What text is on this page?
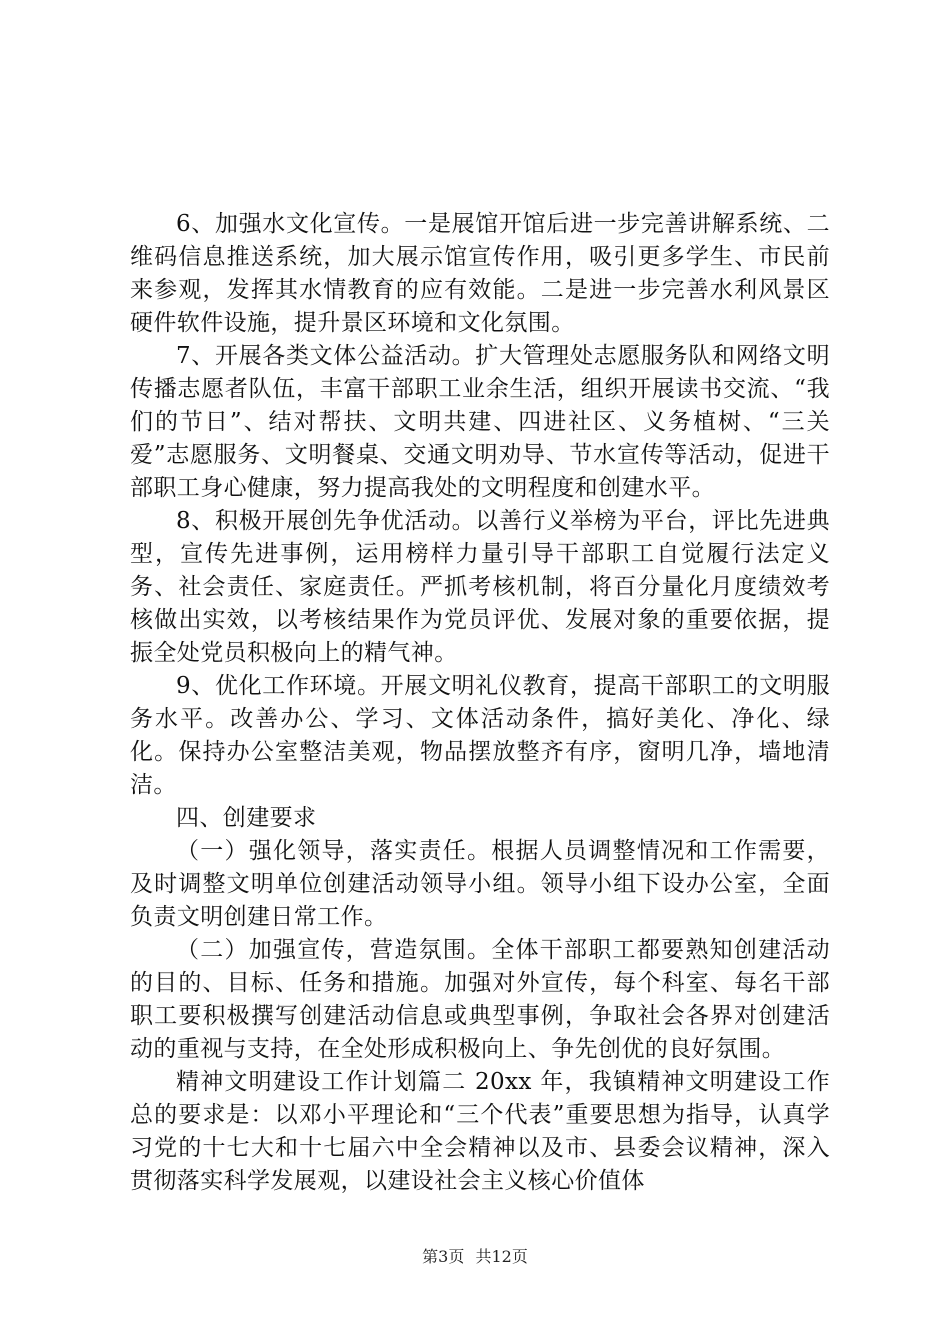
6、加强水文化宣传。一是展馆开馆后进一步完善讲解系统、二维码信息推送系统，加大展示馆宣传作用，吸引更多学生、市民前来参观，发挥其水情教育的应有效能。二是进一步完善水利风景区硬件软件设施，提升景区环境和文化氛围。

7、开展各类文体公益活动。扩大管理处志愿服务队和网络文明传播志愿者队伍，丰富干部职工业余生活，组织开展读书交流、“我们的节日”、结对帮扶、文明共建、四进社区、义务植树、“三关爱”志愿服务、文明餐桌、交通文明劝导、节水宣传等活动，促进干部职工身心健康，努力提高我处的文明程度和创建水平。

8、积极开展创先争优活动。以善行义举榜为平台，评比先进典型，宣传先进事例，运用榜样力量引导干部职工自觉履行法定义务、社会责任、家庭责任。严抓考核机制，将百分量化月度绩效考核做出实效，以考核结果作为党员评优、发展对象的重要依据，提振全处党员积极向上的精气神。

9、优化工作环境。开展文明礼仪教育，提高干部职工的文明服务水平。改善办公、学习、文体活动条件，搞好美化、净化、绿化。保持办公室整洁美观，物品摆放整齐有序，窗明几净，墙地清洁。

四、创建要求

（一）强化领导，落实责任。根据人员调整情况和工作需要，及时调整文明单位创建活动领导小组。领导小组下设办公室，全面负责文明创建日常工作。

（二）加强宣传，营造氛围。全体干部职工都要熟知创建活动的目的、目标、任务和措施。加强对外宣传，每个科室、每名干部职工要积极撰写创建活动信息或典型事例，争取社会各界对创建活动的重视与支持，在全处形成积极向上、争先创优的良好氛围。

精神文明建设工作计划篇二 20xx 年，我镇精神文明建设工作总的要求是：以邓小平理论和“三个代表”重要思想为指导，认真学习党的十七大和十七届六中全会精神以及市、县委会议精神，深入贯彻落实科学发展观，以建设社会主义核心价值体

第3页 共12页
